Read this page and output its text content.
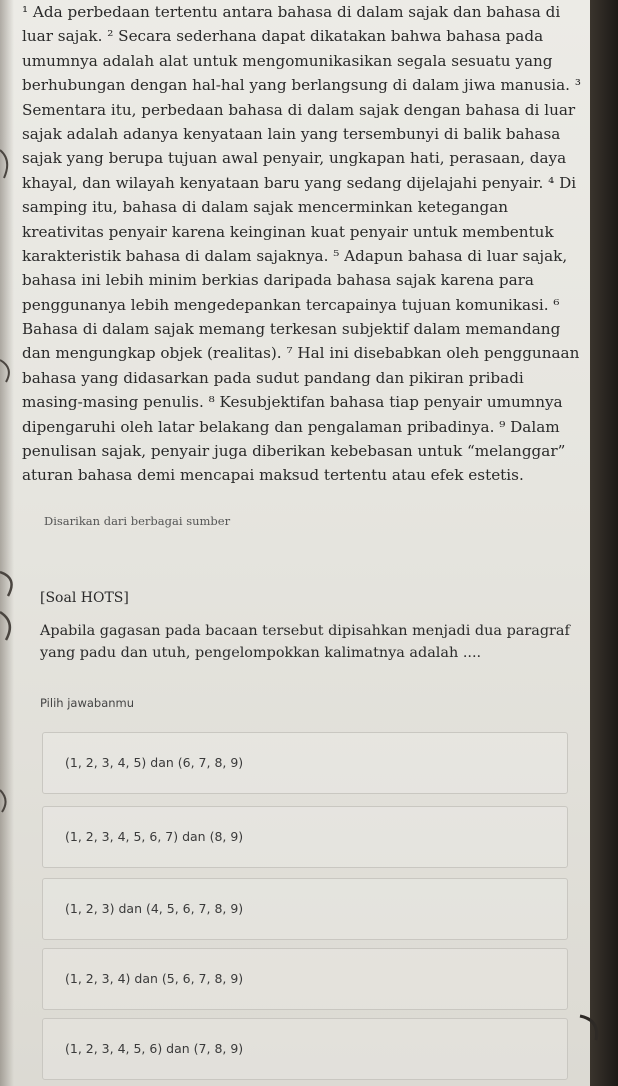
¹ Ada perbedaan tertentu antara bahasa di dalam sajak dan bahasa di
luar sajak. ² Secara sederhana dapat dikatakan bahwa bahasa pada
umumnya adalah alat untuk mengomunikasikan segala sesuatu yang
berhubungan dengan hal-hal yang berlangsung di dalam jiwa manusia. ³
Sementara itu, perbedaan bahasa di dalam sajak dengan bahasa di luar
sajak adalah adanya kenyataan lain yang tersembunyi di balik bahasa
sajak yang berupa tujuan awal penyair, ungkapan hati, perasaan, daya
khayal, dan wilayah kenyataan baru yang sedang dijelajahi penyair. ⁴ Di
samping itu, bahasa di dalam sajak mencerminkan ketegangan
kreativitas penyair karena keinginan kuat penyair untuk membentuk
karakteristik bahasa di dalam sajaknya. ⁵ Adapun bahasa di luar sajak,
bahasa ini lebih minim berkias daripada bahasa sajak karena para
penggunanya lebih mengedepankan tercapainya tujuan komunikasi. ⁶
Bahasa di dalam sajak memang terkesan subjektif dalam memandang
dan mengungkap objek (realitas). ⁷ Hal ini disebabkan oleh penggunaan
bahasa yang didasarkan pada sudut pandang dan pikiran pribadi
masing-masing penulis. ⁸ Kesubjektifan bahasa tiap penyair umumnya
dipengaruhi oleh latar belakang dan pengalaman pribadinya. ⁹ Dalam
penulisan sajak, penyair juga diberikan kebebasan untuk “melanggar”
aturan bahasa demi mencapai maksud tertentu atau efek estetis.
Disarikan dari berbagai sumber
[Soal HOTS]
Apabila gagasan pada bacaan tersebut dipisahkan menjadi dua paragraf
yang padu dan utuh, pengelompokkan kalimatnya adalah ....
Pilih jawabanmu
(1, 2, 3, 4, 5) dan (6, 7, 8, 9)
(1, 2, 3, 4, 5, 6, 7) dan (8, 9)
(1, 2, 3) dan (4, 5, 6, 7, 8, 9)
(1, 2, 3, 4) dan (5, 6, 7, 8, 9)
(1, 2, 3, 4, 5, 6) dan (7, 8, 9)
